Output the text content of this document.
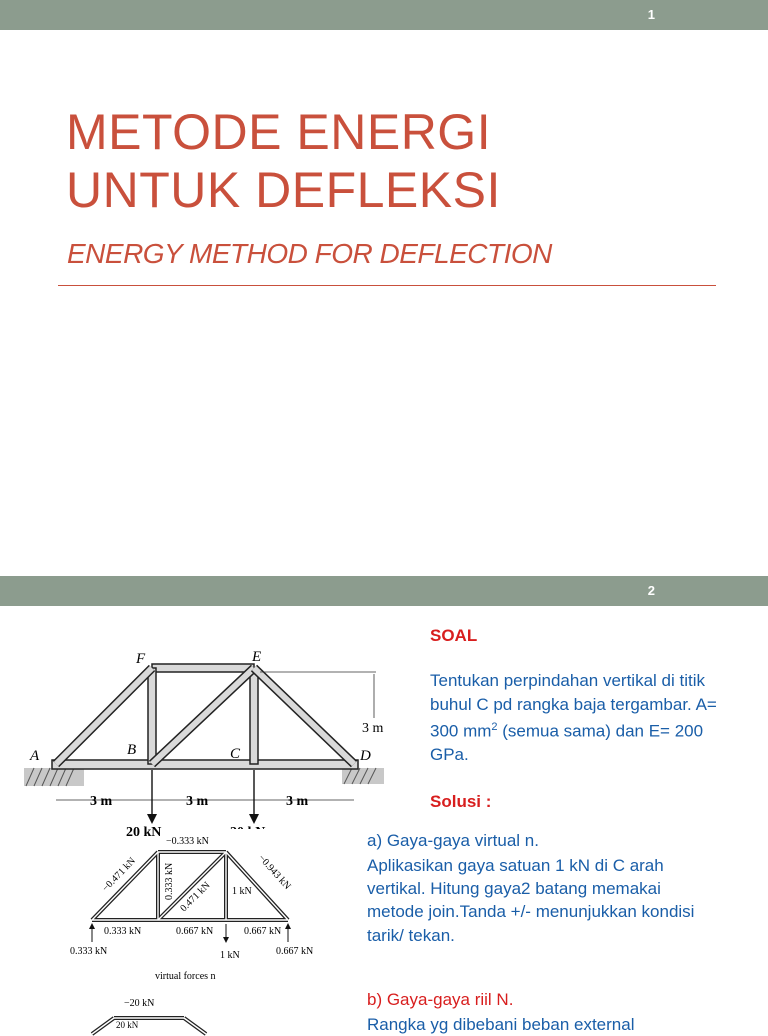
1
METODE ENERGI
UNTUK DEFLEKSI
ENERGY METHOD FOR DEFLECTION
2
A	B	C	D
E
F
3 m
3 m	3 m	3 m
20 kN
−0.333 kN
−0.471 kN	0.333 kN 0.471 kN 1 kN −0.943 kN
0.333 kN	0.667 kN	0.667 kN
0.333 kN	0.667 kN
1 kN
virtual forces n
−20 kN
20 kN
SOAL
Tentukan perpindahan vertikal di titik buhul C pd rangka baja tergambar. A= 300 $mm^2$ (semua sama) dan E= 200 GPa.
Solusi :
a) Gaya-gaya virtual n.
Aplikasikan gaya satuan 1 kN di C arah vertikal. Hitung gaya2 batang memakai metode join.Tanda +/- menunjukkan kondisi tarik/ tekan.
b) Gaya-gaya riil N.
Rangka yg dibebani beban external
